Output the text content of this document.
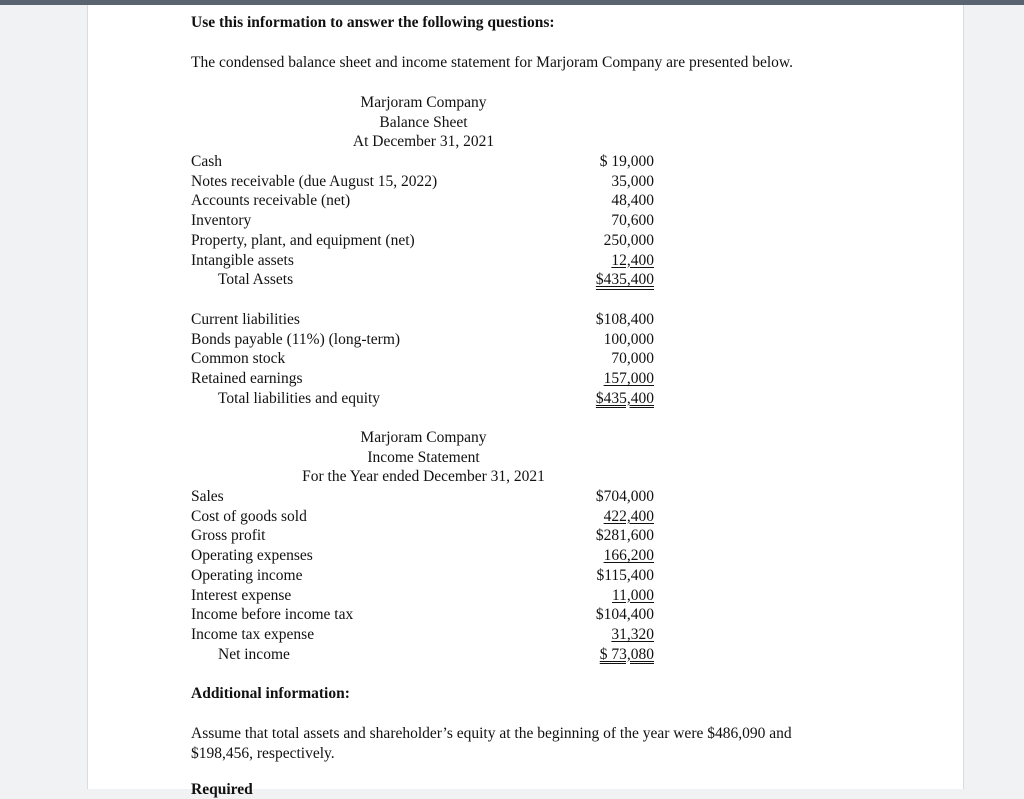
Use this information to answer the following questions:
The condensed balance sheet and income statement for Marjoram Company are presented below.
Marjoram Company
Balance Sheet
At December 31, 2021
Cash	$ 19,000
Notes receivable (due August 15, 2022)	35,000
Accounts receivable (net)	48,400
Inventory	70,600
Property, plant, and equipment (net)	250,000
Intangible assets	12,400
Total Assets	$435,400
Current liabilities	$108,400
Bonds payable (11%) (long-term)	100,000
Common stock	70,000
Retained earnings	157,000
Total liabilities and equity	$435,400
Marjoram Company
Income Statement
For the Year ended December 31, 2021
Sales	$704,000
Cost of goods sold	422,400
Gross profit	$281,600
Operating expenses	166,200
Operating income	$115,400
Interest expense	11,000
Income before income tax	$104,400
Income tax expense	31,320
Net income	$ 73,080
Additional information:
Assume that total assets and shareholder’s equity at the beginning of the year were $486,090 and
$198,456, respectively.
Required
